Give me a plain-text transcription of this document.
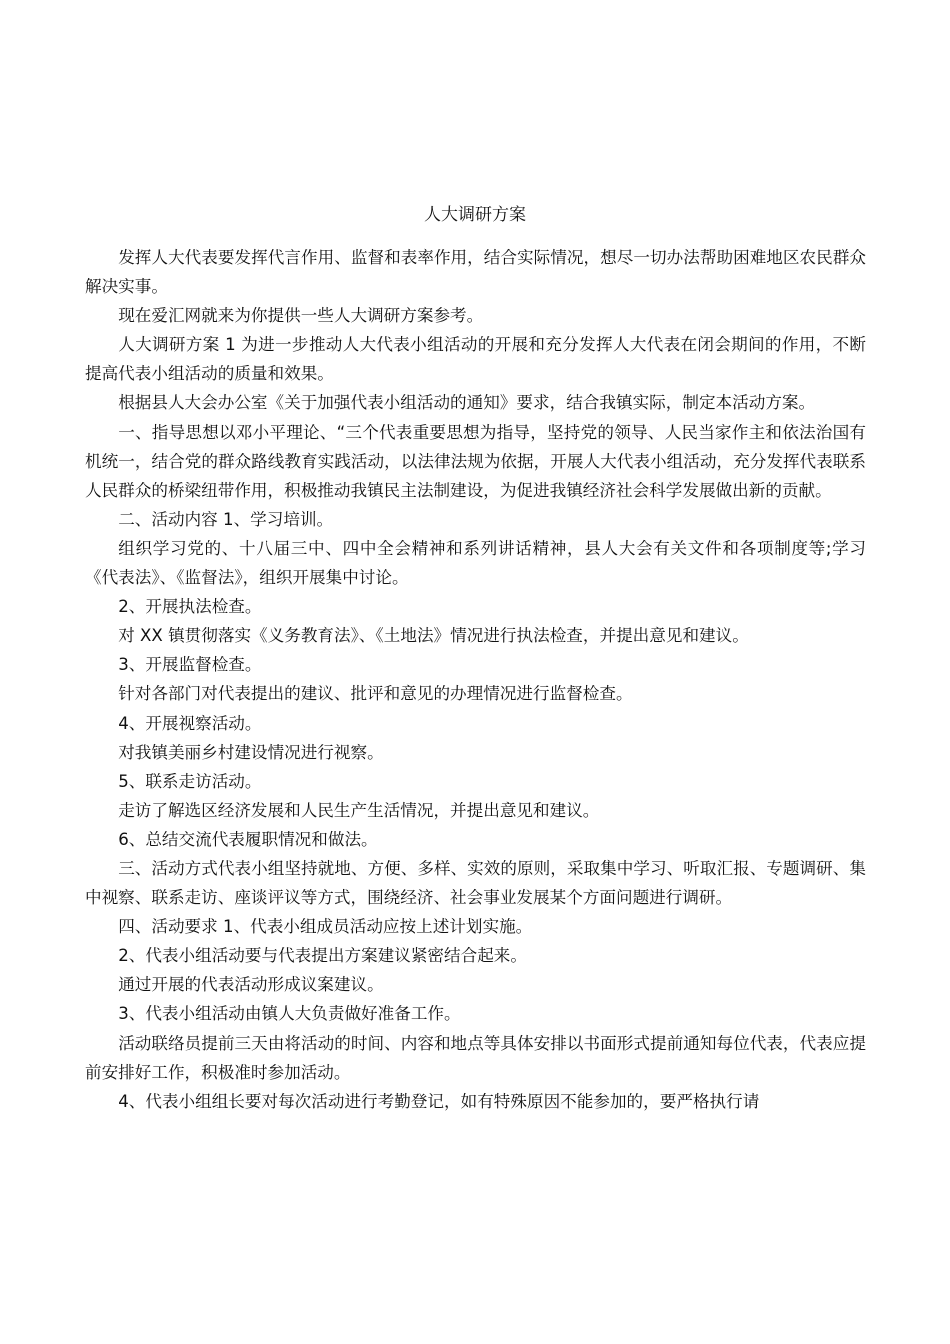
人大调研方案

发挥人大代表要发挥代言作用、监督和表率作用，结合实际情况，想尽一切办法帮助困难地区农民群众解决实事。

现在爱汇网就来为你提供一些人大调研方案参考。

人大调研方案 1 为进一步推动人大代表小组活动的开展和充分发挥人大代表在闭会期间的作用，不断提高代表小组活动的质量和效果。

根据县人大会办公室《关于加强代表小组活动的通知》要求，结合我镇实际，制定本活动方案。

一、指导思想以邓小平理论、“三个代表重要思想为指导，坚持党的领导、人民当家作主和依法治国有机统一，结合党的群众路线教育实践活动，以法律法规为依据，开展人大代表小组活动，充分发挥代表联系人民群众的桥梁纽带作用，积极推动我镇民主法制建设，为促进我镇经济社会科学发展做出新的贡献。

二、活动内容 1、学习培训。

组织学习党的、十八届三中、四中全会精神和系列讲话精神，县人大会有关文件和各项制度等;学习《代表法》、《监督法》，组织开展集中讨论。

2、开展执法检查。

对 XX 镇贯彻落实《义务教育法》、《土地法》情况进行执法检查，并提出意见和建议。

3、开展监督检查。

针对各部门对代表提出的建议、批评和意见的办理情况进行监督检查。

4、开展视察活动。

对我镇美丽乡村建设情况进行视察。

5、联系走访活动。

走访了解选区经济发展和人民生产生活情况，并提出意见和建议。

6、总结交流代表履职情况和做法。

三、活动方式代表小组坚持就地、方便、多样、实效的原则，采取集中学习、听取汇报、专题调研、集中视察、联系走访、座谈评议等方式，围绕经济、社会事业发展某个方面问题进行调研。

四、活动要求 1、代表小组成员活动应按上述计划实施。

2、代表小组活动要与代表提出方案建议紧密结合起来。

通过开展的代表活动形成议案建议。

3、代表小组活动由镇人大负责做好准备工作。

活动联络员提前三天由将活动的时间、内容和地点等具体安排以书面形式提前通知每位代表，代表应提前安排好工作，积极准时参加活动。

4、代表小组组长要对每次活动进行考勤登记，如有特殊原因不能参加的，要严格执行请
